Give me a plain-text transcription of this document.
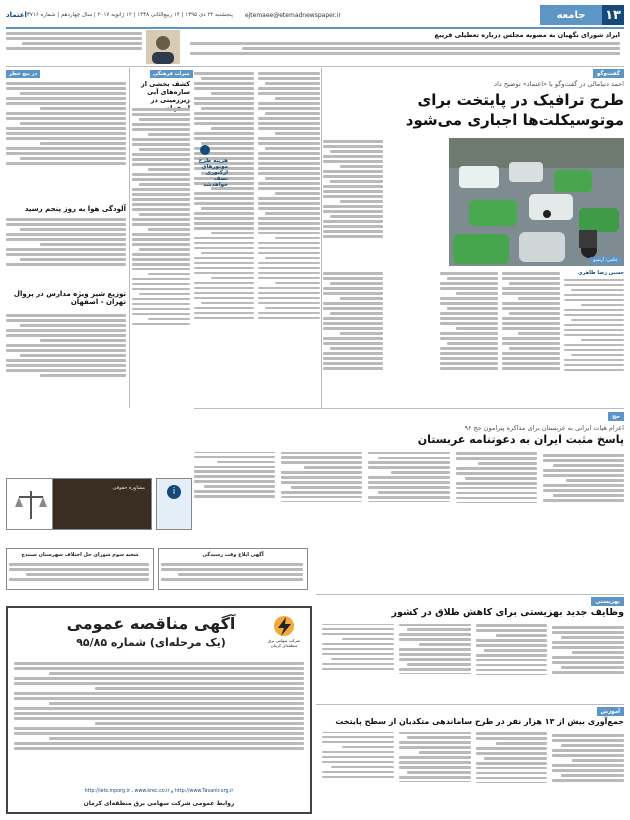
۱۳
جامعه
ejtemaee@etemadnewspaper.ir
پنجشنبه ۲۴ دی ۱۳۹۵ | ۱۴ ربیع‌الثانی ۱۴۳۸ | ۱۲ ژانویه ۲۰۱۷ | سال چهاردهم | شماره ۳۷۱۶
اعتماد
ایراد شورای نگهبان به مصوبه مجلس درباره تعطیلی فریبع
گفت‌وگو
احمد دنیامالی در گفت‌وگو با «اعتماد» توضیح داد
طرح ترافیک در پایتخت برای
موتوسیکلت‌ها اجباری می‌شود
عکس: آرشیو
حسین رضا طاهری
میراث فرهنگی
کشف بخشی از سازه‌های آبی زیرزمینی در
هزینه طرح موتورهای ازکنوری نصف خواهدشد
در پیچ خطر
آلودگی هوا به روز پنجم رسید
توزیع شیر ویژه مدارس در پروال تهران - اصفهان
مشاوره حقوقی	i
حج
اعزام هیات ایرانی به عربستان برای مذاکره پیرامون حج ۹۶
پاسخ مثبت ایران به دعوتنامه عربستان
شعبه سوم شورای حل اختلاف شهرستان سنندج	آگهی ابلاغ وقت رسیدگی
شرکت سهامی برق منطقه‌ای کرمان
آگهی مناقصه عمومی
(یک مرحله‌ای) شماره ۹۵/۸۵
http://www.Tavanir.org.ir و http://iets.mporg.ir ، www.krec.co.ir
روابط عمومی شرکت سهامی برق منطقه‌ای کرمان
بهزیستی
وظایف جدید بهزیستی برای کاهش طلاق در کشور
آموزش
جمع‌آوری بیش از ۱۳ هزار نفر در طرح ساماندهی متکدیان از سطح پایتخت
